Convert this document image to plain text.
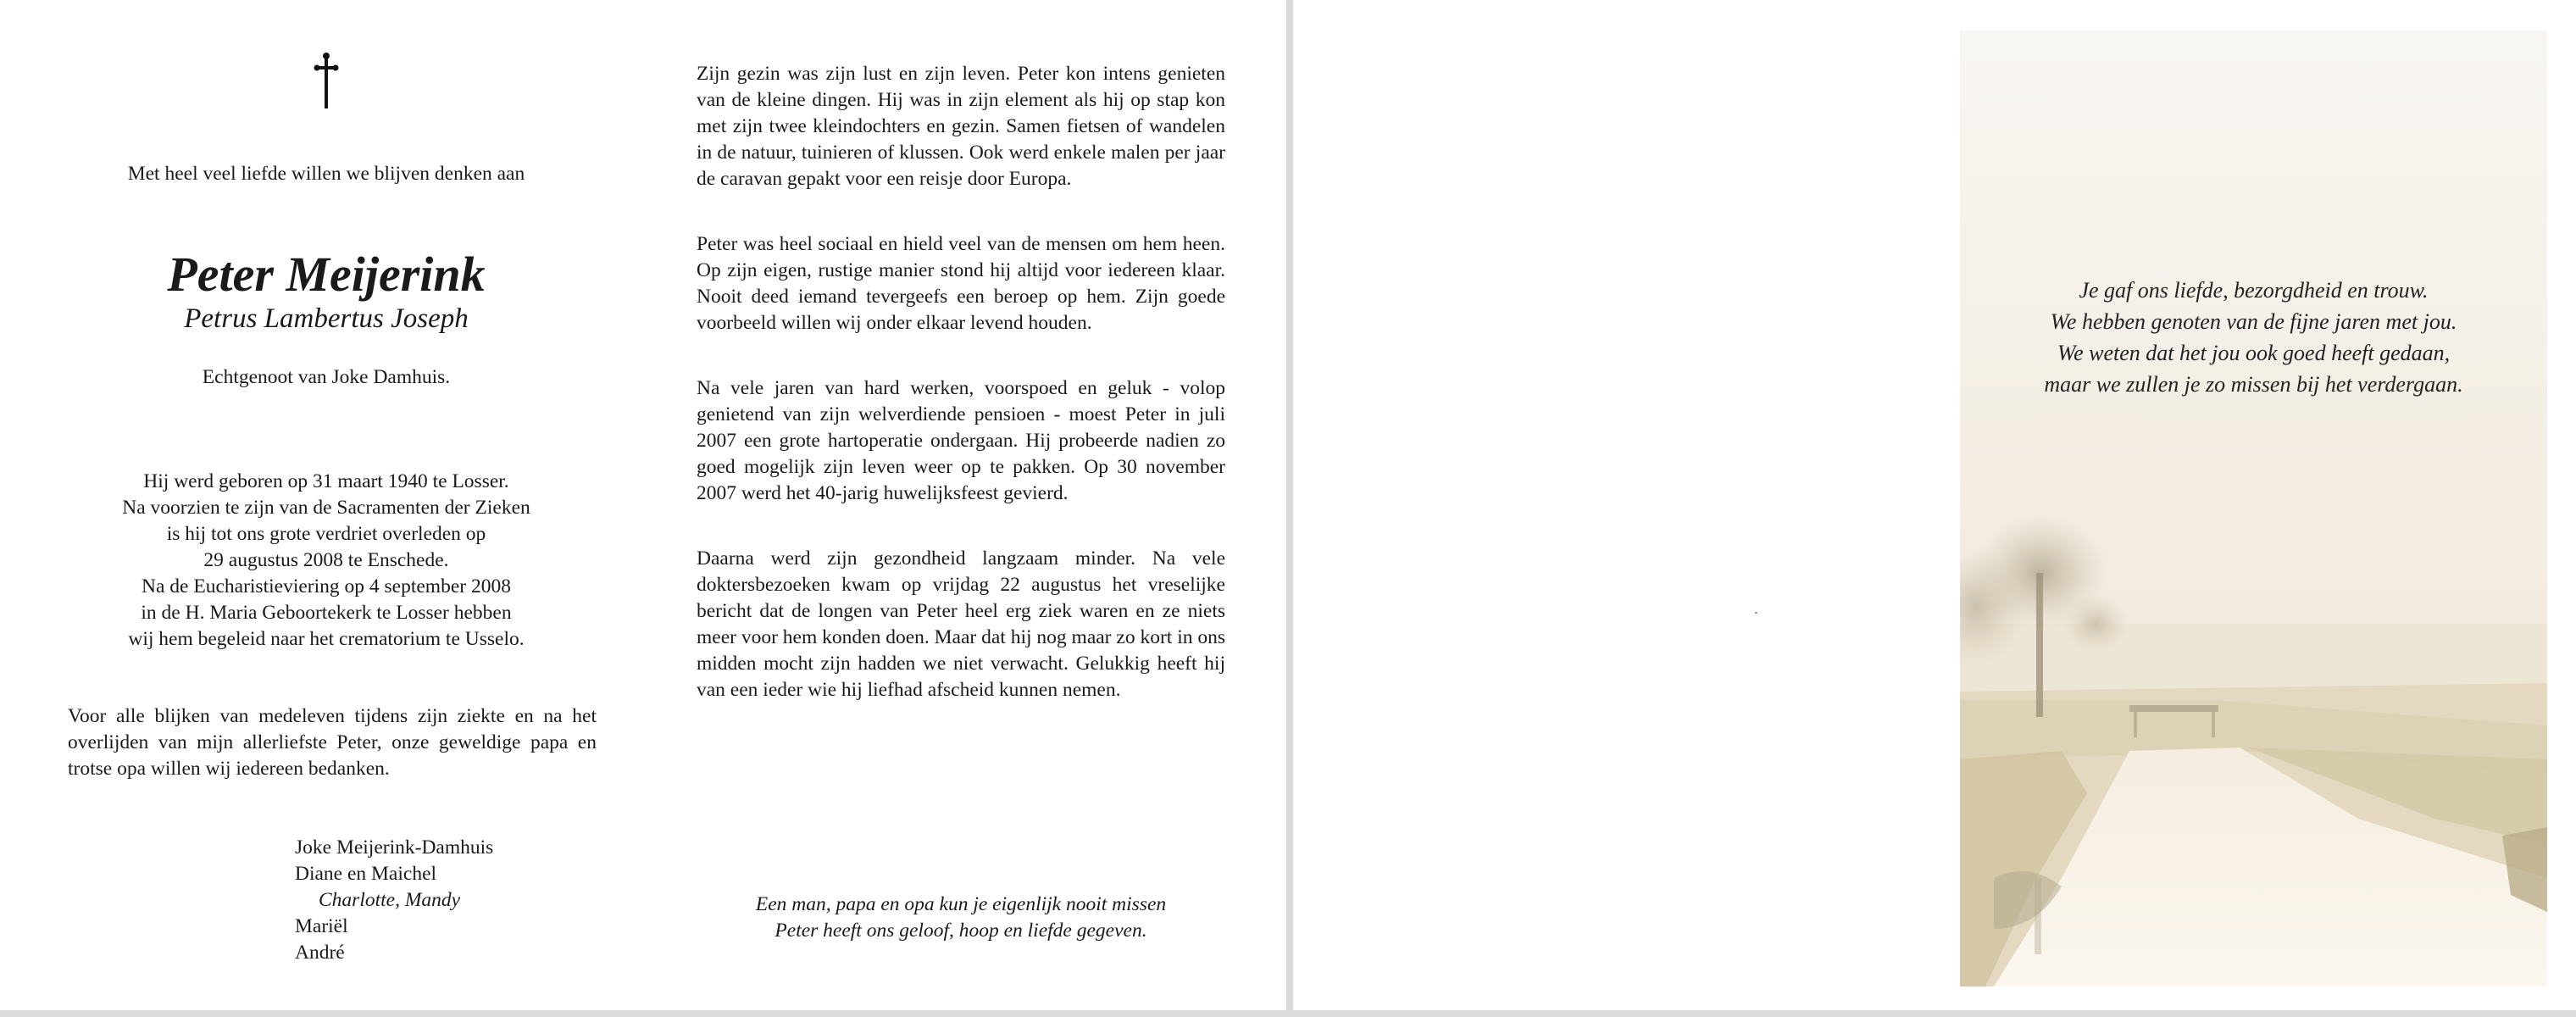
Met heel veel liefde willen we blijven denken aan
Peter Meijerink
Petrus Lambertus Joseph
Echtgenoot van Joke Damhuis.
Hij werd geboren op 31 maart 1940 te Losser.
Na voorzien te zijn van de Sacramenten der Zieken
is hij tot ons grote verdriet overleden op
29 augustus 2008 te Enschede.
Na de Eucharistieviering op 4 september 2008
in de H. Maria Geboortekerk te Losser hebben
wij hem begeleid naar het crematorium te Usselo.
Voor alle blijken van medeleven tijdens zijn ziekte en na het overlijden van mijn allerliefste Peter, onze geweldige papa en trotse opa willen wij iedereen bedanken.
Joke Meijerink-Damhuis
Diane en Maichel
Charlotte, Mandy
Mariël
André

Zijn gezin was zijn lust en zijn leven. Peter kon intens genieten van de kleine dingen. Hij was in zijn element als hij op stap kon met zijn twee kleindochters en gezin. Samen fietsen of wandelen in de natuur, tuinieren of klussen. Ook werd enkele malen per jaar de caravan gepakt voor een reisje door Europa.

Peter was heel sociaal en hield veel van de mensen om hem heen. Op zijn eigen, rustige manier stond hij altijd voor iedereen klaar. Nooit deed iemand tevergeefs een beroep op hem. Zijn goede voorbeeld willen wij onder elkaar levend houden.

Na vele jaren van hard werken, voorspoed en geluk - volop genietend van zijn welverdiende pensioen - moest Peter in juli 2007 een grote hartoperatie ondergaan. Hij probeerde nadien zo goed mogelijk zijn leven weer op te pakken. Op 30 november 2007 werd het 40-jarig huwelijksfeest gevierd.

Daarna werd zijn gezondheid langzaam minder. Na vele doktersbezoeken kwam op vrijdag 22 augustus het vreselijke bericht dat de longen van Peter heel erg ziek waren en ze niets meer voor hem konden doen. Maar dat hij nog maar zo kort in ons midden mocht zijn hadden we niet verwacht. Gelukkig heeft hij van een ieder wie hij liefhad afscheid kunnen nemen.

Een man, papa en opa kun je eigenlijk nooit missen
Peter heeft ons geloof, hoop en liefde gegeven.
Je gaf ons liefde, bezorgdheid en trouw.
We hebben genoten van de fijne jaren met jou.
We weten dat het jou ook goed heeft gedaan,
maar we zullen je zo missen bij het verdergaan.
